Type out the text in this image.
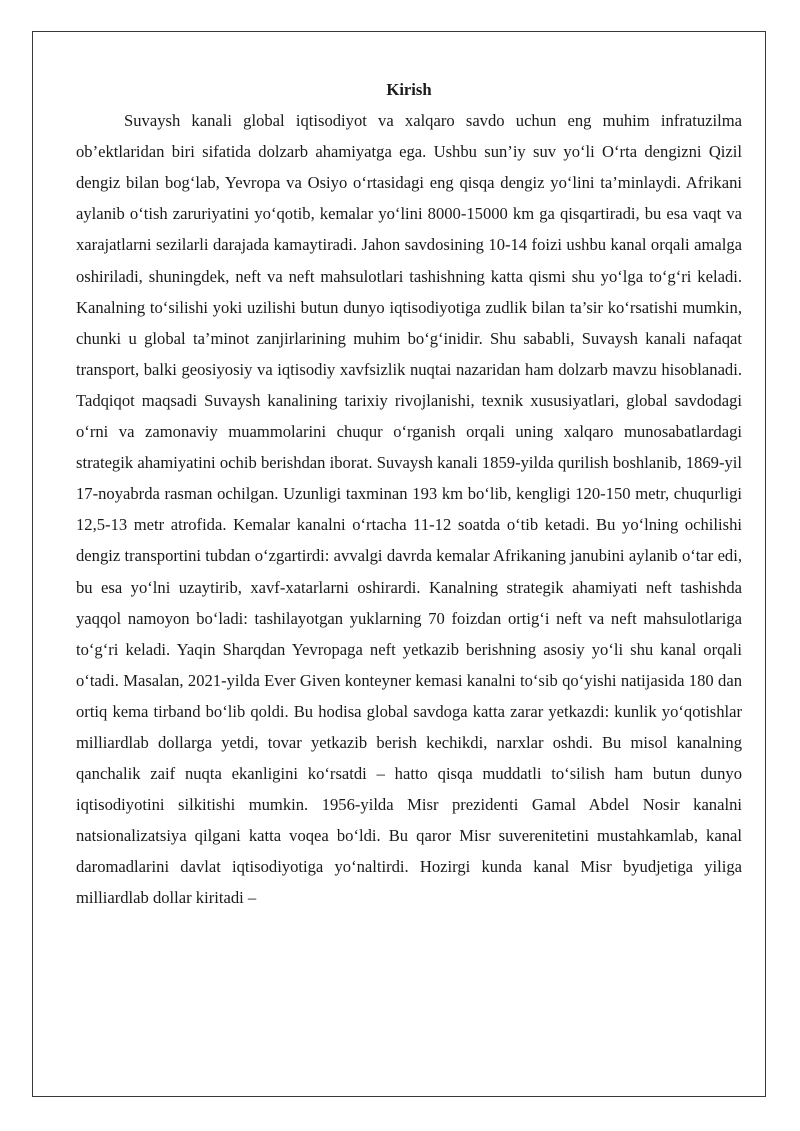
Kirish

Suvaysh kanali global iqtisodiyot va xalqaro savdo uchun eng muhim infratuzilma ob’ektlaridan biri sifatida dolzarb ahamiyatga ega. Ushbu sun’iy suv yo‘li O‘rta dengizni Qizil dengiz bilan bog‘lab, Yevropa va Osiyo o‘rtasidagi eng qisqa dengiz yo‘lini ta’minlaydi. Afrikani aylanib o‘tish zaruriyatini yo‘qotib, kemalar yo‘lini 8000-15000 km ga qisqartiradi, bu esa vaqt va xarajatlarni sezilarli darajada kamaytiradi. Jahon savdosining 10-14 foizi ushbu kanal orqali amalga oshiriladi, shuningdek, neft va neft mahsulotlari tashishning katta qismi shu yo‘lga to‘g‘ri keladi. Kanalning to‘silishi yoki uzilishi butun dunyo iqtisodiyotiga zudlik bilan ta’sir ko‘rsatishi mumkin, chunki u global ta’minot zanjirlarining muhim bo‘g‘inidir. Shu sababli, Suvaysh kanali nafaqat transport, balki geosiyosiy va iqtisodiy xavfsizlik nuqtai nazaridan ham dolzarb mavzu hisoblanadi. Tadqiqot maqsadi Suvaysh kanalining tarixiy rivojlanishi, texnik xususiyatlari, global savdodagi o‘rni va zamonaviy muammolarini chuqur o‘rganish orqali uning xalqaro munosabatlardagi strategik ahamiyatini ochib berishdan iborat. Suvaysh kanali 1859-yilda qurilish boshlanib, 1869-yil 17-noyabrda rasman ochilgan. Uzunligi taxminan 193 km bo‘lib, kengligi 120-150 metr, chuqurligi 12,5-13 metr atrofida. Kemalar kanalni o‘rtacha 11-12 soatda o‘tib ketadi. Bu yo‘lning ochilishi dengiz transportini tubdan o‘zgartirdi: avvalgi davrda kemalar Afrikaning janubini aylanib o‘tar edi, bu esa yo‘lni uzaytirib, xavf-xatarlarni oshirardi. Kanalning strategik ahamiyati neft tashishda yaqqol namoyon bo‘ladi: tashilayotgan yuklarning 70 foizdan ortig‘i neft va neft mahsulotlariga to‘g‘ri keladi. Yaqin Sharqdan Yevropaga neft yetkazib berishning asosiy yo‘li shu kanal orqali o‘tadi. Masalan, 2021-yilda Ever Given konteyner kemasi kanalni to‘sib qo‘yishi natijasida 180 dan ortiq kema tirband bo‘lib qoldi. Bu hodisa global savdoga katta zarar yetkazdi: kunlik yo‘qotishlar milliardlab dollarga yetdi, tovar yetkazib berish kechikdi, narxlar oshdi. Bu misol kanalning qanchalik zaif nuqta ekanligini ko‘rsatdi – hatto qisqa muddatli to‘silish ham butun dunyo iqtisodiyotini silkitishi mumkin. 1956-yilda Misr prezidenti Gamal Abdel Nosir kanalni natsionalizatsiya qilgani katta voqea bo‘ldi. Bu qaror Misr suverenitetini mustahkamlab, kanal daromadlarini davlat iqtisodiyotiga yo‘naltirdi. Hozirgi kunda kanal Misr byudjetiga yiliga milliardlab dollar kiritadi –
